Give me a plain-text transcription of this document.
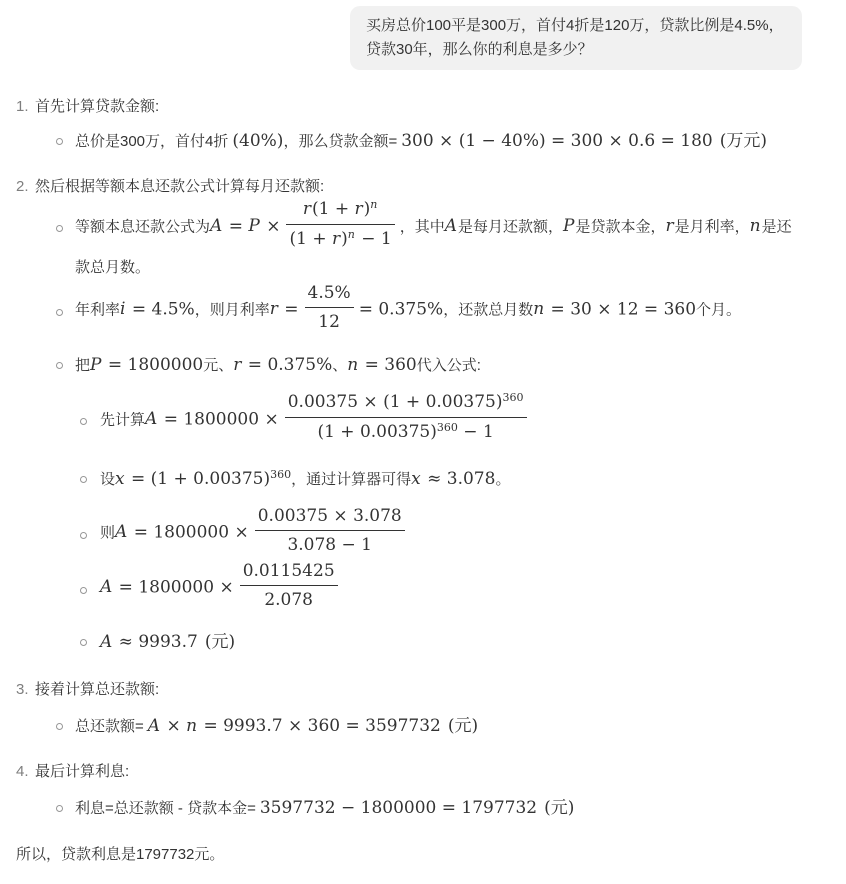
买房总价100平是300万，首付4折是120万，贷款比例是4.5%，贷款30年，那么你的利息是多少？
1. 首先计算贷款金额:
总价是300万，首付4折 (40%)，那么贷款金额= 300 × (1 − 40%) = 300 × 0.6 = 180 (万元)
2. 然后根据等额本息还款公式计算每月还款额:
等额本息还款公式为$A = P \times \frac{r(1 + r)^n}{(1 + r)^n - 1}$ ，其中A是每月还款额，P是贷款本金，r是月利率，n是还款总月数。
年利率i = 4.5%，则月利率$r = \frac{4.5\%}{12} = 0.375\%$，还款总月数n = 30 × 12 = 360个月。
把P = 1800000元、r = 0.375%、n = 360代入公式:
先计算$A = 1800000 \times \frac{0.00375 \times (1 + 0.00375)^{360}}{(1 + 0.00375)^{360} - 1}$
设$x = (1 + 0.00375)^{360}$，通过计算器可得x ≈ 3.078。
则$A = 1800000 \times \frac{0.00375 \times 3.078}{3.078 - 1}$
$A = 1800000 \times \frac{0.0115425}{2.078}$
A ≈ 9993.7 (元)
3. 接着计算总还款额:
总还款额= A × n = 9993.7 × 360 = 3597732 (元)
4. 最后计算利息:
利息=总还款额 - 贷款本金= 3597732 − 1800000 = 1797732 (元)
所以，贷款利息是1797732元。
